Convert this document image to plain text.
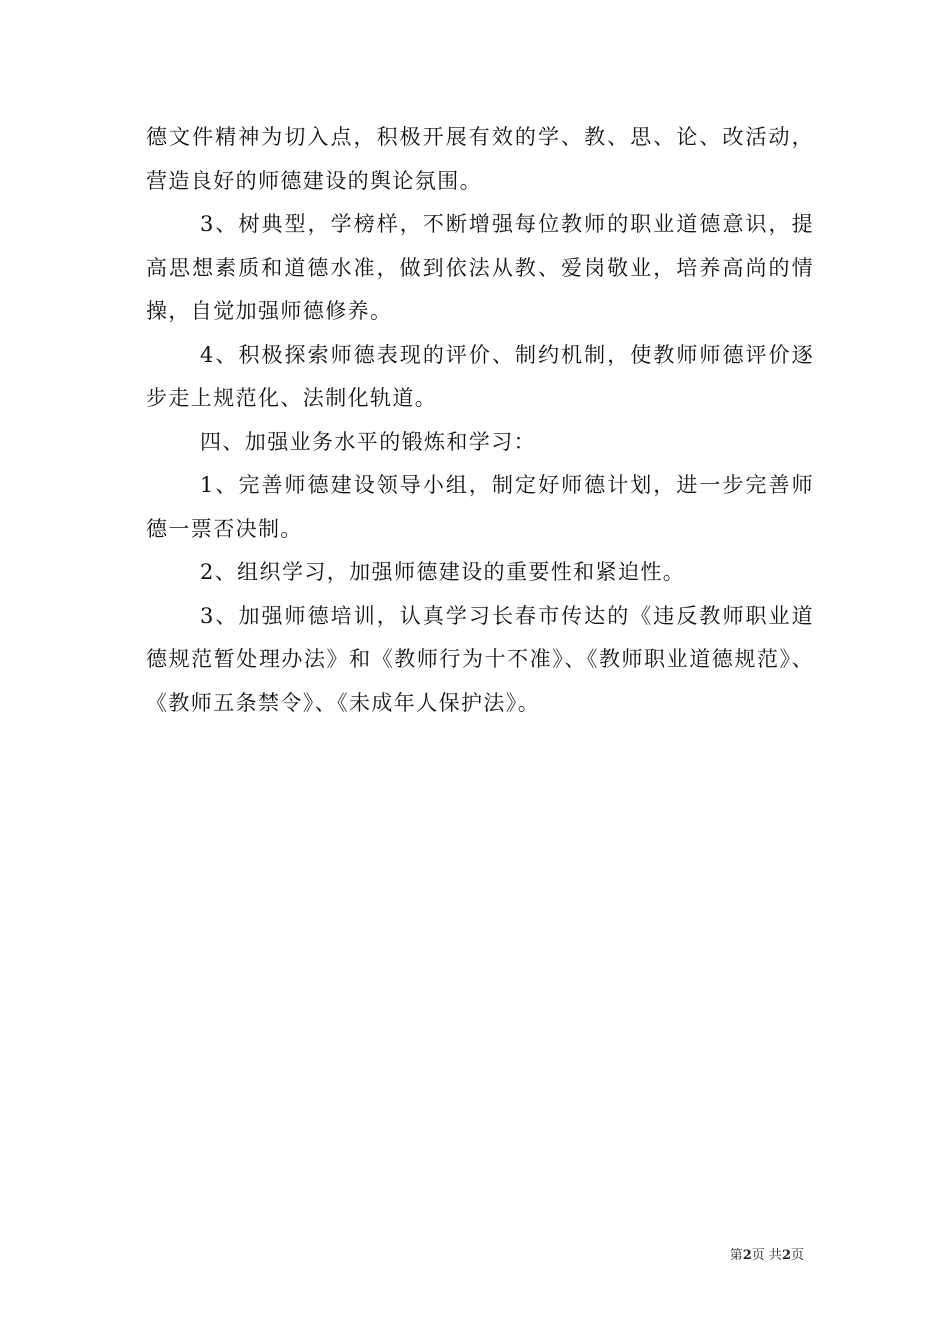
德文件精神为切入点，积极开展有效的学、教、思、论、改活动，营造良好的师德建设的舆论氛围。

3、树典型，学榜样，不断增强每位教师的职业道德意识，提高思想素质和道德水准，做到依法从教、爱岗敬业，培养高尚的情操，自觉加强师德修养。

4、积极探索师德表现的评价、制约机制，使教师师德评价逐步走上规范化、法制化轨道。

四、加强业务水平的锻炼和学习：

1、完善师德建设领导小组，制定好师德计划，进一步完善师德一票否决制。

2、组织学习，加强师德建设的重要性和紧迫性。

3、加强师德培训，认真学习长春市传达的《违反教师职业道德规范暂处理办法》和《教师行为十不准》、《教师职业道德规范》、《教师五条禁令》、《未成年人保护法》。

第2页 共2页
